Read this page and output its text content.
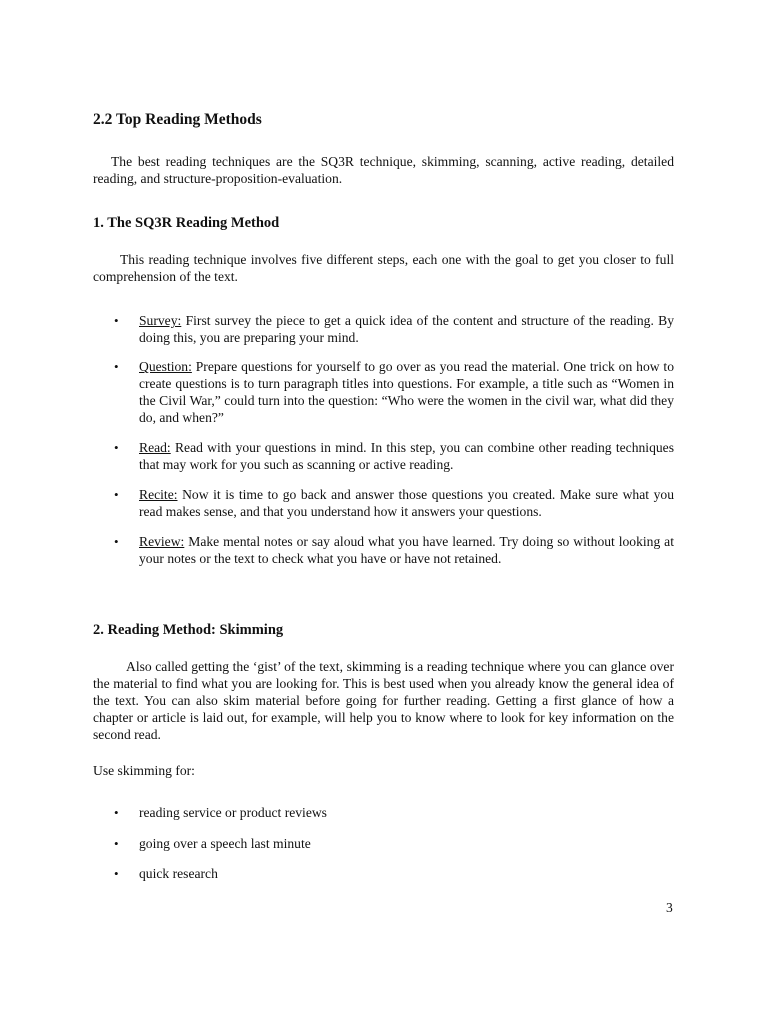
2.2 Top Reading Methods

The best reading techniques are the SQ3R technique, skimming, scanning, active reading, detailed reading, and structure-proposition-evaluation.

1. The SQ3R Reading Method

This reading technique involves five different steps, each one with the goal to get you closer to full comprehension of the text.

• Survey: First survey the piece to get a quick idea of the content and structure of the reading. By doing this, you are preparing your mind.
• Question: Prepare questions for yourself to go over as you read the material. One trick on how to create questions is to turn paragraph titles into questions. For example, a title such as “Women in the Civil War,” could turn into the question: “Who were the women in the civil war, what did they do, and when?”
• Read: Read with your questions in mind. In this step, you can combine other reading techniques that may work for you such as scanning or active reading.
• Recite: Now it is time to go back and answer those questions you created. Make sure what you read makes sense, and that you understand how it answers your questions.
• Review: Make mental notes or say aloud what you have learned. Try doing so without looking at your notes or the text to check what you have or have not retained.
2. Reading Method: Skimming

Also called getting the ‘gist’ of the text, skimming is a reading technique where you can glance over the material to find what you are looking for. This is best used when you already know the general idea of the text. You can also skim material before going for further reading. Getting a first glance of how a chapter or article is laid out, for example, will help you to know where to look for key information on the second read.

Use skimming for:

• reading service or product reviews
• going over a speech last minute
• quick research
3
